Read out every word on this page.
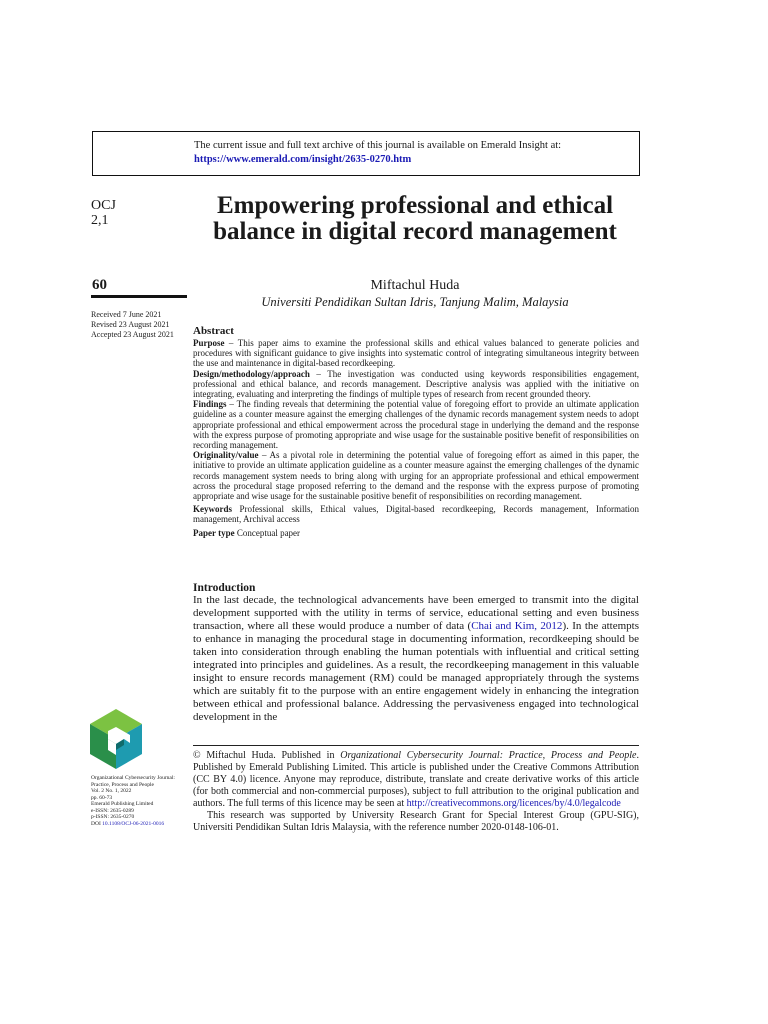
The current issue and full text archive of this journal is available on Emerald Insight at:
https://www.emerald.com/insight/2635-0270.htm
OCJ
2,1
60
Received 7 June 2021
Revised 23 August 2021
Accepted 23 August 2021
Empowering professional and ethical balance in digital record management
Miftachul Huda
Universiti Pendidikan Sultan Idris, Tanjung Malim, Malaysia
Abstract

Purpose – This paper aims to examine the professional skills and ethical values balanced to generate policies and procedures with significant guidance to give insights into systematic control of integrating simultaneous integrity between the use and maintenance in digital-based recordkeeping.

Design/methodology/approach – The investigation was conducted using keywords responsibilities engagement, professional and ethical balance, and records management. Descriptive analysis was applied with the initiative on integrating, evaluating and interpreting the findings of multiple types of research from recent grounded theory.

Findings – The finding reveals that determining the potential value of foregoing effort to provide an ultimate application guideline as a counter measure against the emerging challenges of the dynamic records management system needs to adopt appropriate professional and ethical empowerment across the procedural stage in underlying the demand and the response with the express purpose of promoting appropriate and wise usage for the sustainable positive benefit of responsibilities on recording management.

Originality/value – As a pivotal role in determining the potential value of foregoing effort as aimed in this paper, the initiative to provide an ultimate application guideline as a counter measure against the emerging challenges of the dynamic records management system needs to bring along with urging for an appropriate professional and ethical empowerment across the procedural stage proposed referring to the demand and the response with the express purpose of promoting appropriate and wise usage for the sustainable positive benefit of responsibilities on recording management.

Keywords Professional skills, Ethical values, Digital-based recordkeeping, Records management, Information management, Archival access

Paper type Conceptual paper

Introduction

In the last decade, the technological advancements have been emerged to transmit into the digital development supported with the utility in terms of service, educational setting and even business transaction, where all these would produce a number of data (Chai and Kim, 2012). In the attempts to enhance in managing the procedural stage in documenting information, recordkeeping should be taken into consideration through enabling the human potentials with influential and critical setting integrated into principles and guidelines. As a result, the recordkeeping management in this valuable insight to ensure records management (RM) could be managed appropriately through the systems which are suitably fit to the purpose with an entire engagement widely in enhancing the integration between ethical and professional balance. Addressing the pervasiveness engaged into technological development in the

© Miftachul Huda. Published in Organizational Cybersecurity Journal: Practice, Process and People. Published by Emerald Publishing Limited. This article is published under the Creative Commons Attribution (CC BY 4.0) licence. Anyone may reproduce, distribute, translate and create derivative works of this article (for both commercial and non-commercial purposes), subject to full attribution to the original publication and authors. The full terms of this licence may be seen at http://creativecommons.org/licences/by/4.0/legalcode

This research was supported by University Research Grant for Special Interest Group (GPU-SIG), Universiti Pendidikan Sultan Idris Malaysia, with the reference number 2020-0148-106-01.

Organizational Cybersecurity Journal: Practice, Process and People
Vol. 2 No. 1, 2022
pp. 60-73
Emerald Publishing Limited
e-ISSN: 2635-0289
p-ISSN: 2635-0270
DOI 10.1108/OCJ-06-2021-0016
